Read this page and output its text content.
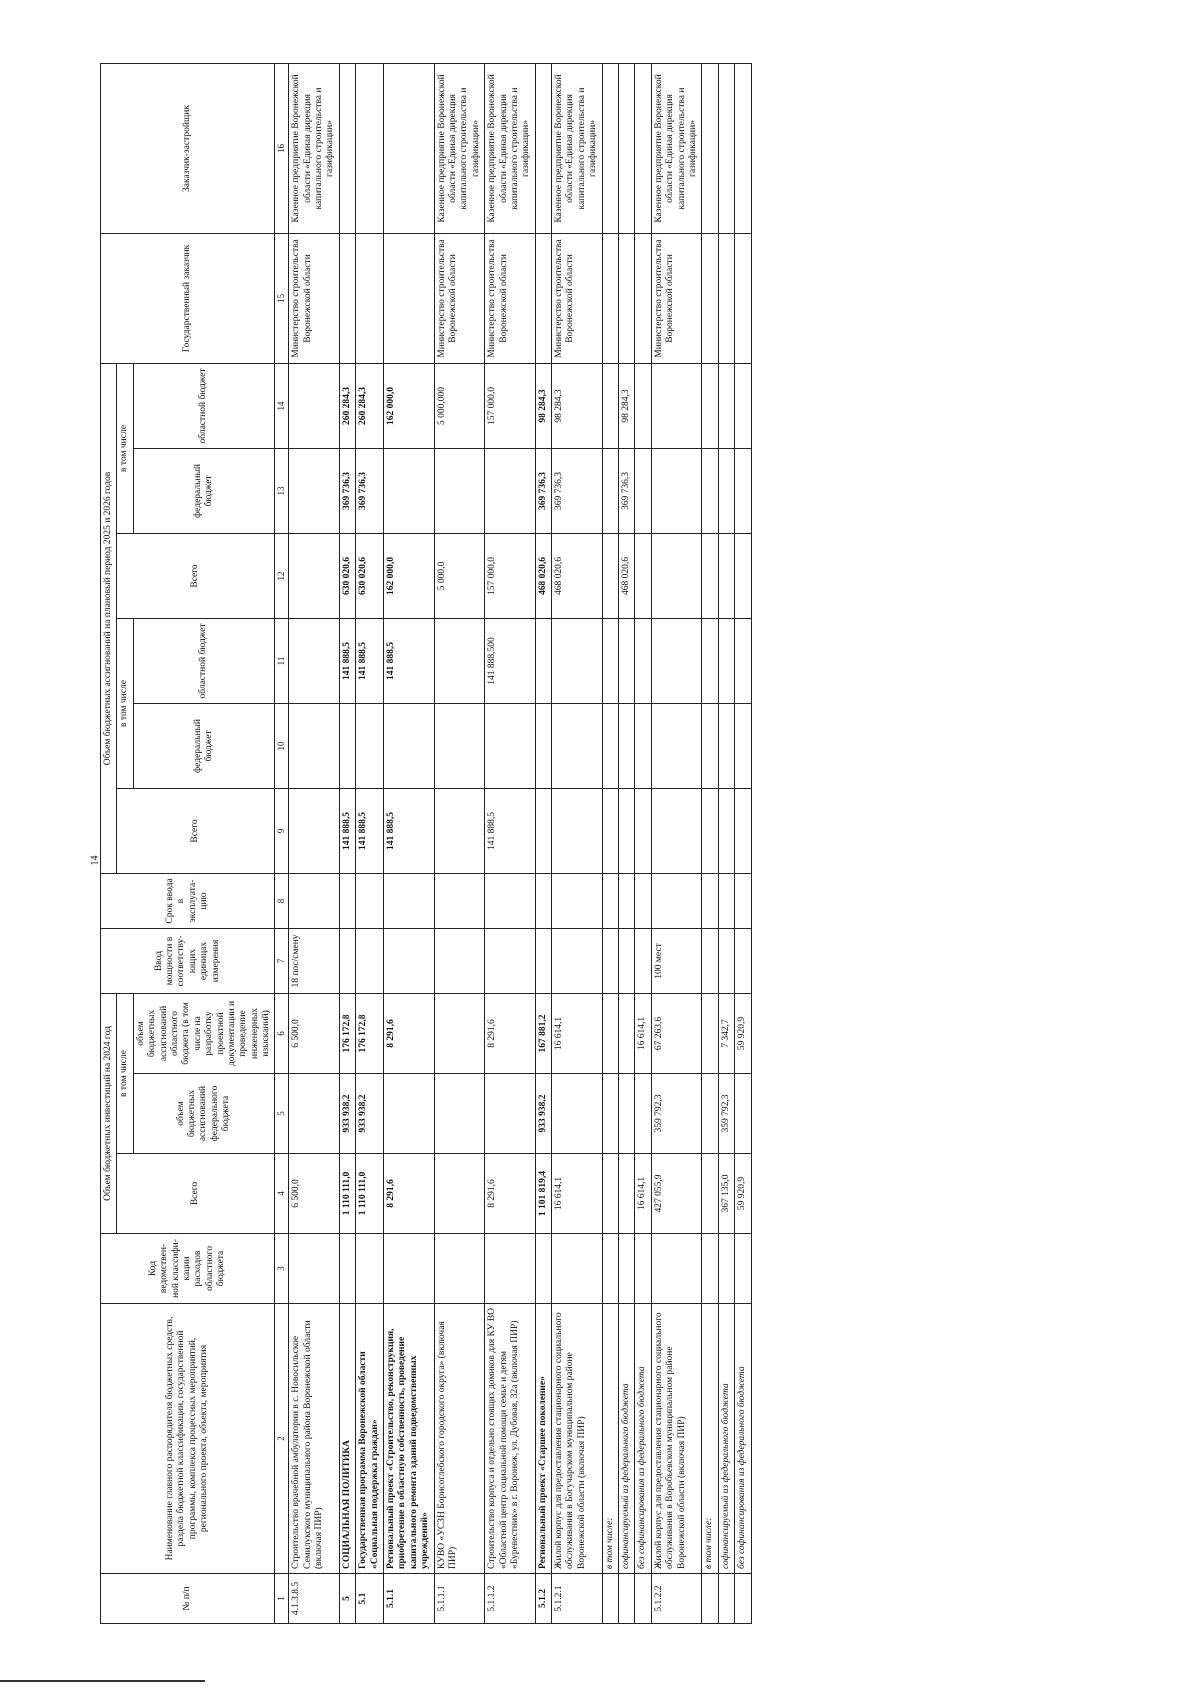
14
№ п/п	Наименование главного распорядителя бюджетных средств, раздела бюджетной классификации, государственной программы, комплекса процессных мероприятий, регионального проекта, объекта, мероприятия	Код ведомствен-ной классифи-кации расходов областного бюджета	Объем бюджетных инвестиций на 2024 год			Ввод мощности в соответству-ющих единицах измерения	Срок ввода в эксплуата-цию	Объем бюджетных ассигнований на плановый период 2025 и 2026 годов						Государственный заказчик	Заказчик-застройщик
			Всего	в том числе				Всего	в том числе		Всего	в том числе			
				объем бюджетных ассигнований федерального бюджета	объем бюджетных ассигнований областного бюджета (в том числе на разработку проектной документации и проведение инженерных изысканий)				федеральный бюджет	областной бюджет		федеральный бюджет	областной бюджет		
1	2	3	4	5	6	7	8	9	10	11	12	13	14	15	16
4.1.3.8.5	Строительство врачебной амбулатории в с. Новосильское Семилукского муниципального района Воронежской области (включая ПИР)		6 500,0		6 500,0	18 пос/смену								Министерство строительства Воронежской области	Казенное предприятие Воронежской области «Единая дирекция капитального строительства и газификации»
5	СОЦИАЛЬНАЯ ПОЛИТИКА		1 110 111,0	933 938,2	176 172,8			141 888,5		141 888,5	630 020,6	369 736,3	260 284,3		
5.1	Государственная программа Воронежской области «Социальная поддержка граждан»		1 110 111,0	933 938,2	176 172,8			141 888,5		141 888,5	630 020,6	369 736,3	260 284,3		
5.1.1	Региональный проект «Строительство, реконструкция, приобретение в областную собственность, проведение капитального ремонта зданий подведомственных учреждений»		8 291,6		8 291,6			141 888,5		141 888,5	162 000,0		162 000,0		
5.1.1.1	КУВО «УСЗН Борисоглебского городского округа» (включая ПИР)										5 000,0		5 000,000	Министерство строительства Воронежской области	Казенное предприятие Воронежской области «Единая дирекция капитального строительства и газификации»
5.1.1.2	Строительство корпуса и отдельно стоящих домиков для КУ ВО «Областной центр социальной помощи семье и детям «Буревестник» в г. Воронеж, ул. Дубовая, 32а (включая ПИР)		8 291,6		8 291,6			141 888,5		141 888,500	157 000,0		157 000,0	Министерство строительства Воронежской области	Казенное предприятие Воронежской области «Единая дирекция капитального строительства и газификации»
5.1.2	Региональный проект «Старшее поколение»		1 101 819,4	933 938,2	167 881,2						468 020,6	369 736,3	98 284,3		
5.1.2.1	Жилой корпус для предоставления стационарного социального обслуживания в Богучарском муниципальном районе Воронежской области (включая ПИР)		16 614,1		16 614,1						468 020,6	369 736,3	98 284,3	Министерство строительства Воронежской области	Казенное предприятие Воронежской области «Единая дирекция капитального строительства и газификации»
	в том числе:														
	софинансируемый из федерального бюджета										468 020,6	369 736,3	98 284,3		
	без софинансирования из федерального бюджета		16 614,1		16 614,1										
5.1.2.2	Жилой корпус для предоставления стационарного социального обслуживания в Воробьевском муниципальном районе Воронежской области (включая ПИР)		427 055,9	359 792,3	67 263,6	100 мест								Министерство строительства Воронежской области	Казенное предприятие Воронежской области «Единая дирекция капитального строительства и газификации»
	в том числе:														
	софинансируемый из федерального бюджета		367 135,0	359 792,3	7 342,7										
	без софинансирования из федерального бюджета		59 920,9		59 920,9										
